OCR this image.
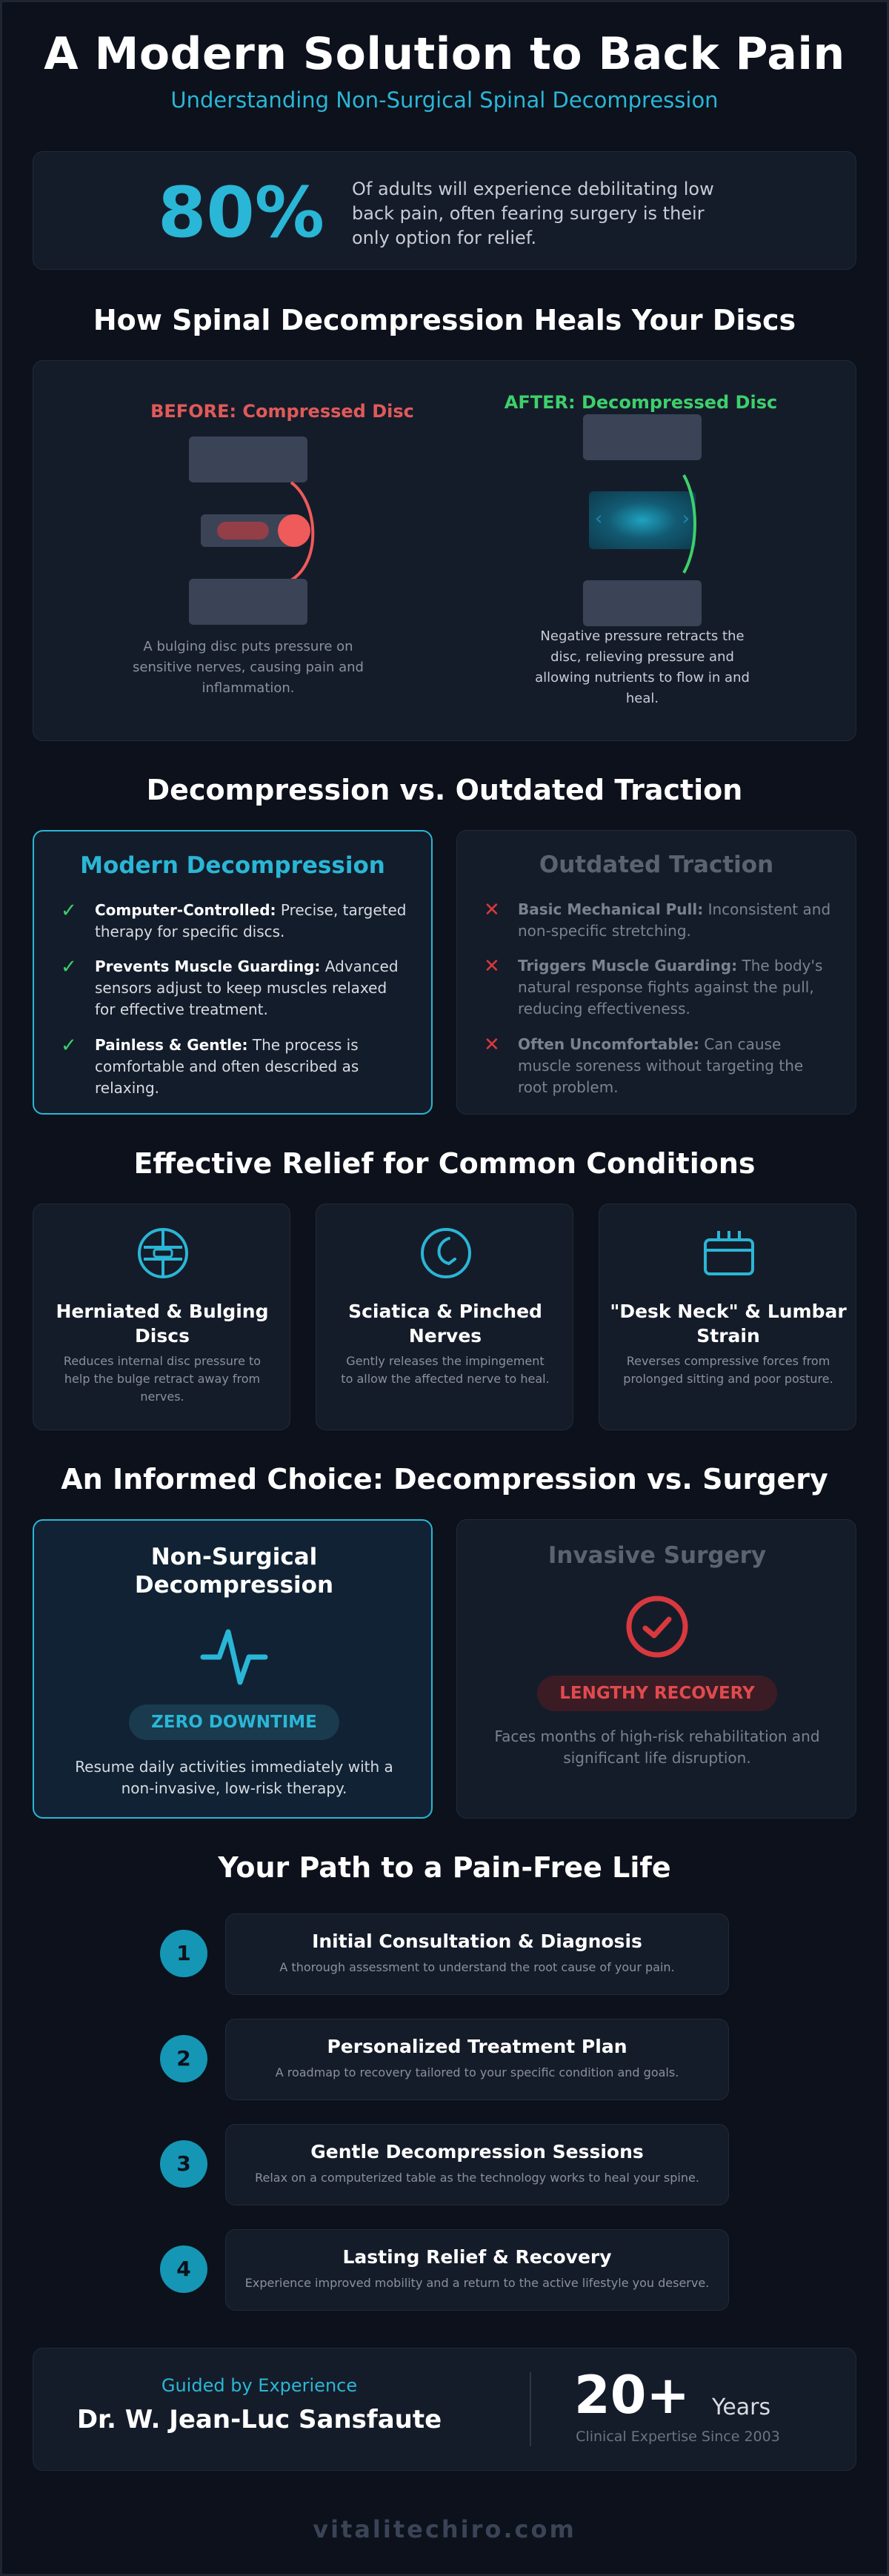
A Modern Solution to Back Pain
Understanding Non-Surgical Spinal Decompression
80% Of adults will experience debilitating low back pain, often fearing surgery is their only option for relief.
How Spinal Decompression Heals Your Discs
BEFORE: Compressed Disc
A bulging disc puts pressure on sensitive nerves, causing pain and inflammation.
AFTER: Decompressed Disc
‹	›
Negative pressure retracts the disc, relieving pressure and allowing nutrients to flow in and heal.
Decompression vs. Outdated Traction
Modern Decompression
✓ Computer-Controlled: Precise, targeted therapy for specific discs.
✓ Prevents Muscle Guarding: Advanced sensors adjust to keep muscles relaxed for effective treatment.
✓ Painless & Gentle: The process is comfortable and often described as relaxing.
Outdated Traction
✕ Basic Mechanical Pull: Inconsistent and non-specific stretching.
✕ Triggers Muscle Guarding: The body's natural response fights against the pull, reducing effectiveness.
✕ Often Uncomfortable: Can cause muscle soreness without targeting the root problem.
Effective Relief for Common Conditions
Herniated & Bulging Discs
Reduces internal disc pressure to help the bulge retract away from nerves.
Sciatica & Pinched Nerves
Gently releases the impingement to allow the affected nerve to heal.
"Desk Neck" & Lumbar Strain
Reverses compressive forces from prolonged sitting and poor posture.
An Informed Choice: Decompression vs. Surgery
Non-Surgical Decompression
ZERO DOWNTIME
Resume daily activities immediately with a non-invasive, low-risk therapy.
Invasive Surgery
LENGTHY RECOVERY
Faces months of high-risk rehabilitation and significant life disruption.
Your Path to a Pain-Free Life
1	Initial Consultation & Diagnosis
A thorough assessment to understand the root cause of your pain.
2	Personalized Treatment Plan
A roadmap to recovery tailored to your specific condition and goals.
3	Gentle Decompression Sessions
Relax on a computerized table as the technology works to heal your spine.
4	Lasting Relief & Recovery
Experience improved mobility and a return to the active lifestyle you deserve.
Guided by Experience
Dr. W. Jean-Luc Sansfaute	20+ Years
Clinical Expertise Since 2003
vitalitechiro.com
